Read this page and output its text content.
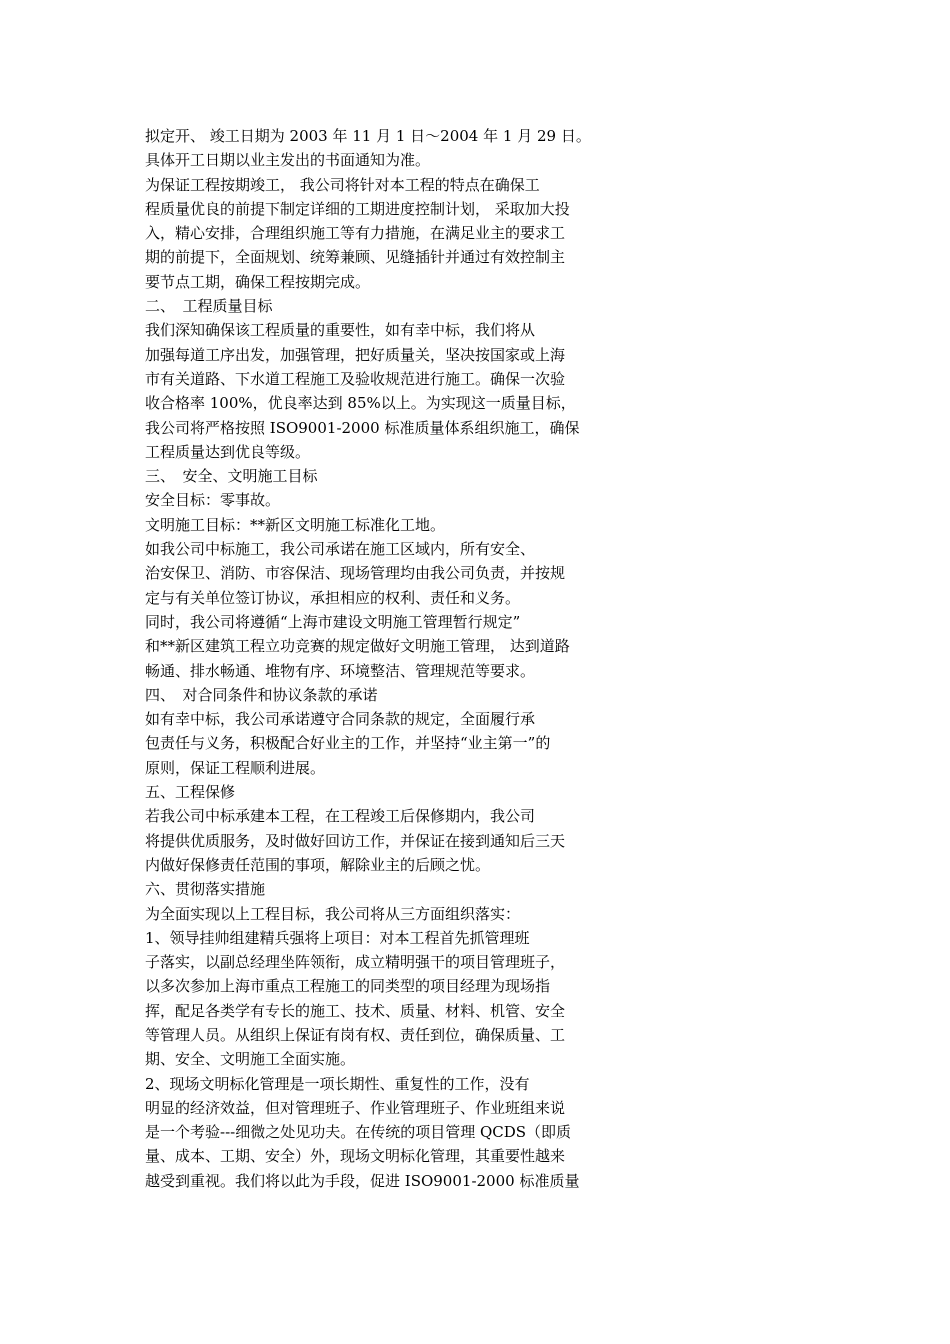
拟定开、 竣工日期为 2003 年 11 月 1 日～2004 年 1 月 29 日。
具体开工日期以业主发出的书面通知为准。
为保证工程按期竣工， 我公司将针对本工程的特点在确保工
程质量优良的前提下制定详细的工期进度控制计划， 采取加大投
入，精心安排，合理组织施工等有力措施，在满足业主的要求工
期的前提下，全面规划、统筹兼顾、见缝插针并通过有效控制主
要节点工期，确保工程按期完成。
二、　工程质量目标
我们深知确保该工程质量的重要性，如有幸中标，我们将从
加强每道工序出发，加强管理，把好质量关，坚决按国家或上海
市有关道路、下水道工程施工及验收规范进行施工。确保一次验
收合格率 100%，优良率达到 85%以上。为实现这一质量目标，
我公司将严格按照 ISO9001-2000 标准质量体系组织施工，确保
工程质量达到优良等级。
三、　安全、文明施工目标
安全目标：零事故。
文明施工目标：**新区文明施工标准化工地。
如我公司中标施工，我公司承诺在施工区域内，所有安全、
治安保卫、消防、市容保洁、现场管理均由我公司负责，并按规
定与有关单位签订协议，承担相应的权利、责任和义务。
同时，我公司将遵循“上海市建设文明施工管理暂行规定”
和**新区建筑工程立功竞赛的规定做好文明施工管理， 达到道路
畅通、排水畅通、堆物有序、环境整洁、管理规范等要求。
四、　对合同条件和协议条款的承诺
如有幸中标，我公司承诺遵守合同条款的规定，全面履行承
包责任与义务，积极配合好业主的工作，并坚持“业主第一”的
原则，保证工程顺利进展。
五、工程保修
若我公司中标承建本工程，在工程竣工后保修期内，我公司
将提供优质服务，及时做好回访工作，并保证在接到通知后三天
内做好保修责任范围的事项，解除业主的后顾之忧。
六、贯彻落实措施
为全面实现以上工程目标，我公司将从三方面组织落实：
1、领导挂帅组建精兵强将上项目：对本工程首先抓管理班
子落实，以副总经理坐阵领衔，成立精明强干的项目管理班子，
以多次参加上海市重点工程施工的同类型的项目经理为现场指
挥，配足各类学有专长的施工、技术、质量、材料、机管、安全
等管理人员。从组织上保证有岗有权、责任到位，确保质量、工
期、安全、文明施工全面实施。
2、现场文明标化管理是一项长期性、重复性的工作，没有
明显的经济效益，但对管理班子、作业管理班子、作业班组来说
是一个考验---细微之处见功夫。在传统的项目管理 QCDS（即质
量、成本、工期、安全）外，现场文明标化管理，其重要性越来
越受到重视。我们将以此为手段，促进 ISO9001-2000 标准质量
